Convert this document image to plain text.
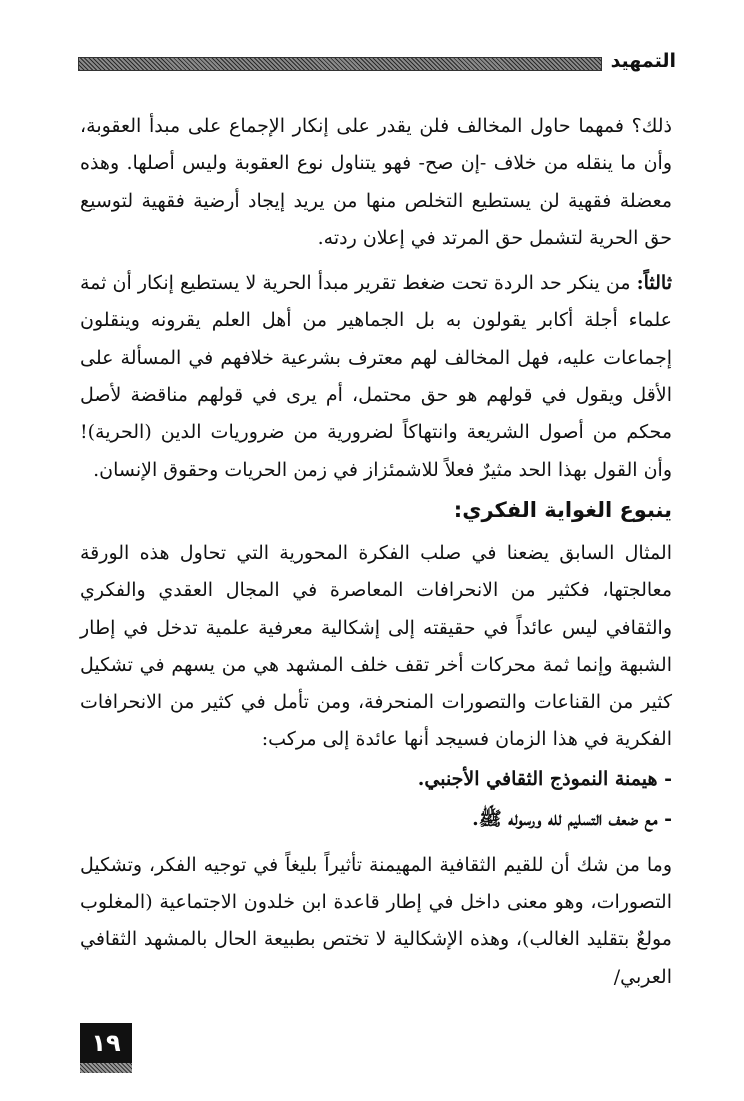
التمهيد

ذلك؟ فمهما حاول المخالف فلن يقدر على إنكار الإجماع على مبدأ العقوبة، وأن ما ينقله من خلاف -إن صح- فهو يتناول نوع العقوبة وليس أصلها. وهذه معضلة فقهية لن يستطيع التخلص منها من يريد إيجاد أرضية فقهية لتوسيع حق الحرية لتشمل حق المرتد في إعلان ردته.

ثالثاً: من ينكر حد الردة تحت ضغط تقرير مبدأ الحرية لا يستطيع إنكار أن ثمة علماء أجلة أكابر يقولون به بل الجماهير من أهل العلم يقرونه وينقلون إجماعات عليه، فهل المخالف لهم معترف بشرعية خلافهم في المسألة على الأقل ويقول في قولهم هو حق محتمل، أم يرى في قولهم مناقضة لأصل محكم من أصول الشريعة وانتهاكاً لضرورية من ضروريات الدين (الحرية)! وأن القول بهذا الحد مثيرٌ فعلاً للاشمئزاز في زمن الحريات وحقوق الإنسان.

ينبوع الغواية الفكري:

المثال السابق يضعنا في صلب الفكرة المحورية التي تحاول هذه الورقة معالجتها، فكثير من الانحرافات المعاصرة في المجال العقدي والفكري والثقافي ليس عائداً في حقيقته إلى إشكالية معرفية علمية تدخل في إطار الشبهة وإنما ثمة محركات أخر تقف خلف المشهد هي من يسهم في تشكيل كثير من القناعات والتصورات المنحرفة، ومن تأمل في كثير من الانحرافات الفكرية في هذا الزمان فسيجد أنها عائدة إلى مركب:

- هيمنة النموذج الثقافي الأجنبي.
- مع ضعف التسليم لله ورسوله ﷺ.

وما من شك أن للقيم الثقافية المهيمنة تأثيراً بليغاً في توجيه الفكر، وتشكيل التصورات، وهو معنى داخل في إطار قاعدة ابن خلدون الاجتماعية (المغلوب مولعٌ بتقليد الغالب)، وهذه الإشكالية لا تختص بطبيعة الحال بالمشهد الثقافي العربي/

١٩
